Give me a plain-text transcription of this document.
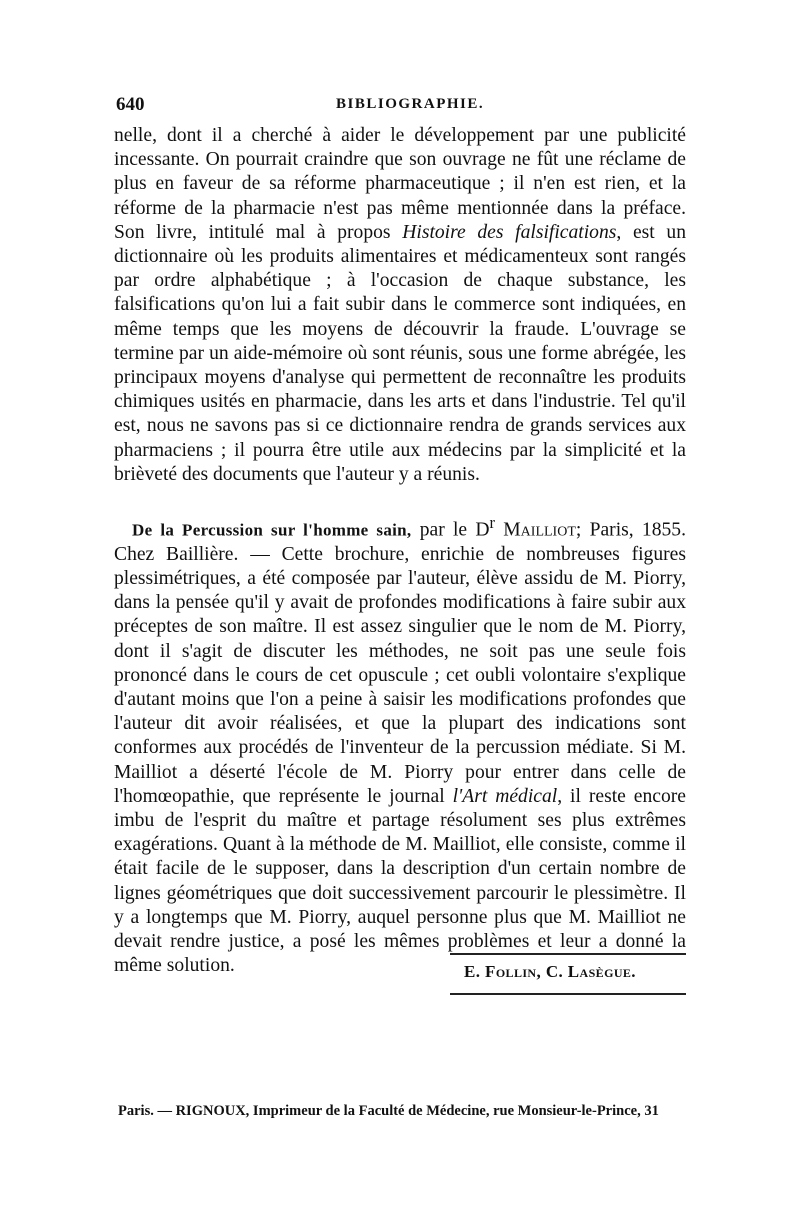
640	BIBLIOGRAPHIE.

nelle, dont il a cherché à aider le développement par une publicité incessante. On pourrait craindre que son ouvrage ne fût une réclame de plus en faveur de sa réforme pharmaceutique ; il n'en est rien, et la réforme de la pharmacie n'est pas même mentionnée dans la préface. Son livre, intitulé mal à propos Histoire des falsifications, est un dictionnaire où les produits alimentaires et médicamenteux sont rangés par ordre alphabétique ; à l'occasion de chaque substance, les falsifications qu'on lui a fait subir dans le commerce sont indiquées, en même temps que les moyens de découvrir la fraude. L'ouvrage se termine par un aide-mémoire où sont réunis, sous une forme abrégée, les principaux moyens d'analyse qui permettent de reconnaître les produits chimiques usités en pharmacie, dans les arts et dans l'industrie. Tel qu'il est, nous ne savons pas si ce dictionnaire rendra de grands services aux pharmaciens ; il pourra être utile aux médecins par la simplicité et la brièveté des documents que l'auteur y a réunis.

De la Percussion sur l'homme sain, par le $D^r$ Mailliot; Paris, 1855. Chez Baillière. — Cette brochure, enrichie de nombreuses figures plessimétriques, a été composée par l'auteur, élève assidu de M. Piorry, dans la pensée qu'il y avait de profondes modifications à faire subir aux préceptes de son maître. Il est assez singulier que le nom de M. Piorry, dont il s'agit de discuter les méthodes, ne soit pas une seule fois prononcé dans le cours de cet opuscule ; cet oubli volontaire s'explique d'autant moins que l'on a peine à saisir les modifications profondes que l'auteur dit avoir réalisées, et que la plupart des indications sont conformes aux procédés de l'inventeur de la percussion médiate. Si M. Mailliot a déserté l'école de M. Piorry pour entrer dans celle de l'homœopathie, que représente le journal l'Art médical, il reste encore imbu de l'esprit du maître et partage résolument ses plus extrêmes exagérations. Quant à la méthode de M. Mailliot, elle consiste, comme il était facile de le supposer, dans la description d'un certain nombre de lignes géométriques que doit successivement parcourir le plessimètre. Il y a longtemps que M. Piorry, auquel personne plus que M. Mailliot ne devait rendre justice, a posé les mêmes problèmes et leur a donné la même solution.	E. Follin, C. Lasègue.
Paris. — RIGNOUX, Imprimeur de la Faculté de Médecine, rue Monsieur-le-Prince, 31
